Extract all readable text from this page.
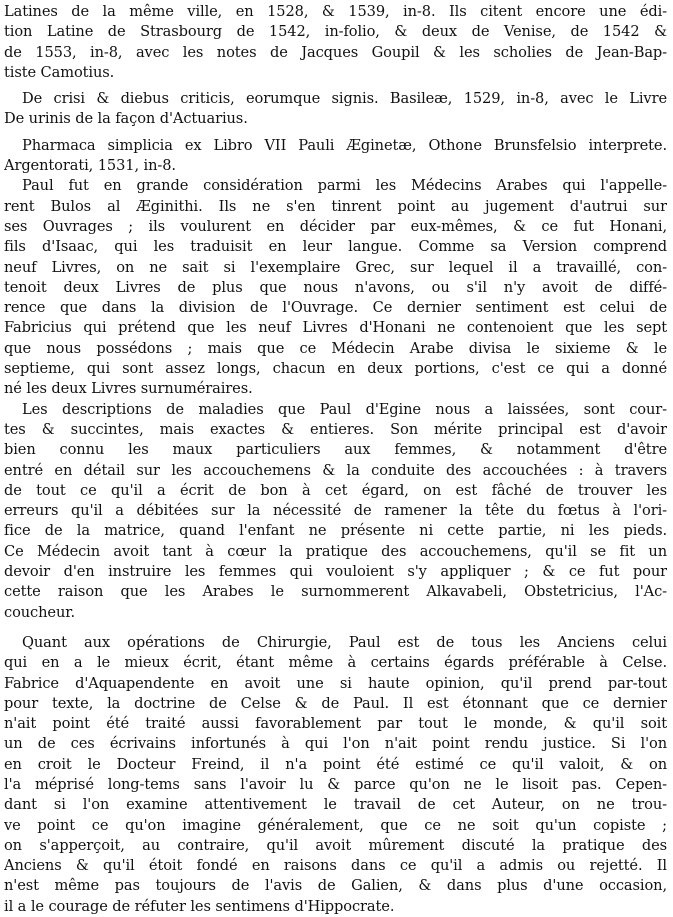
Latines de la même ville, en 1528, & 1539, in-8. Ils citent encore une édi-
tion Latine de Strasbourg de 1542, in-folio, & deux de Venise, de 1542 &
de 1553, in-8, avec les notes de Jacques Goupil & les scholies de Jean-Bap-
tiste Camotius.
De crisi & diebus criticis, eorumque signis. Basileæ, 1529, in-8, avec le Livre
De urinis de la façon d'Actuarius.
Pharmaca simplicia ex Libro VII Pauli Æginetæ, Othone Brunsfelsio interprete.
Argentorati, 1531, in-8.
Paul fut en grande considération parmi les Médecins Arabes qui l'appelle-
rent Bulos al Æginithi. Ils ne s'en tinrent point au jugement d'autrui sur
ses Ouvrages ; ils voulurent en décider par eux-mêmes, & ce fut Honani,
fils d'Isaac, qui les traduisit en leur langue. Comme sa Version comprend
neuf Livres, on ne sait si l'exemplaire Grec, sur lequel il a travaillé, con-
tenoit deux Livres de plus que nous n'avons, ou s'il n'y avoit de diffé-
rence que dans la division de l'Ouvrage. Ce dernier sentiment est celui de
Fabricius qui prétend que les neuf Livres d'Honani ne contenoient que les sept
que nous possédons ; mais que ce Médecin Arabe divisa le sixieme & le
septieme, qui sont assez longs, chacun en deux portions, c'est ce qui a donné
né les deux Livres surnuméraires.
Les descriptions de maladies que Paul d'Egine nous a laissées, sont cour-
tes & succintes, mais exactes & entieres. Son mérite principal est d'avoir
bien connu les maux particuliers aux femmes, & notamment d'être
entré en détail sur les accouchemens & la conduite des accouchées : à travers
de tout ce qu'il a écrit de bon à cet égard, on est fâché de trouver les
erreurs qu'il a débitées sur la nécessité de ramener la tête du fœtus à l'ori-
fice de la matrice, quand l'enfant ne présente ni cette partie, ni les pieds.
Ce Médecin avoit tant à cœur la pratique des accouchemens, qu'il se fit un
devoir d'en instruire les femmes qui vouloient s'y appliquer ; & ce fut pour
cette raison que les Arabes le surnommerent Alkavabeli, Obstetricius, l'Ac-
coucheur.
Quant aux opérations de Chirurgie, Paul est de tous les Anciens celui
qui en a le mieux écrit, étant même à certains égards préférable à Celse.
Fabrice d'Aquapendente en avoit une si haute opinion, qu'il prend par-tout
pour texte, la doctrine de Celse & de Paul. Il est étonnant que ce dernier
n'ait point été traité aussi favorablement par tout le monde, & qu'il soit
un de ces écrivains infortunés à qui l'on n'ait point rendu justice. Si l'on
en croit le Docteur Freind, il n'a point été estimé ce qu'il valoit, & on
l'a méprisé long-tems sans l'avoir lu & parce qu'on ne le lisoit pas. Cepen-
dant si l'on examine attentivement le travail de cet Auteur, on ne trou-
ve point ce qu'on imagine généralement, que ce ne soit qu'un copiste ;
on s'apperçoit, au contraire, qu'il avoit mûrement discuté la pratique des
Anciens & qu'il étoit fondé en raisons dans ce qu'il a admis ou rejetté. Il
n'est même pas toujours de l'avis de Galien, & dans plus d'une occasion,
il a le courage de réfuter les sentimens d'Hippocrate.
